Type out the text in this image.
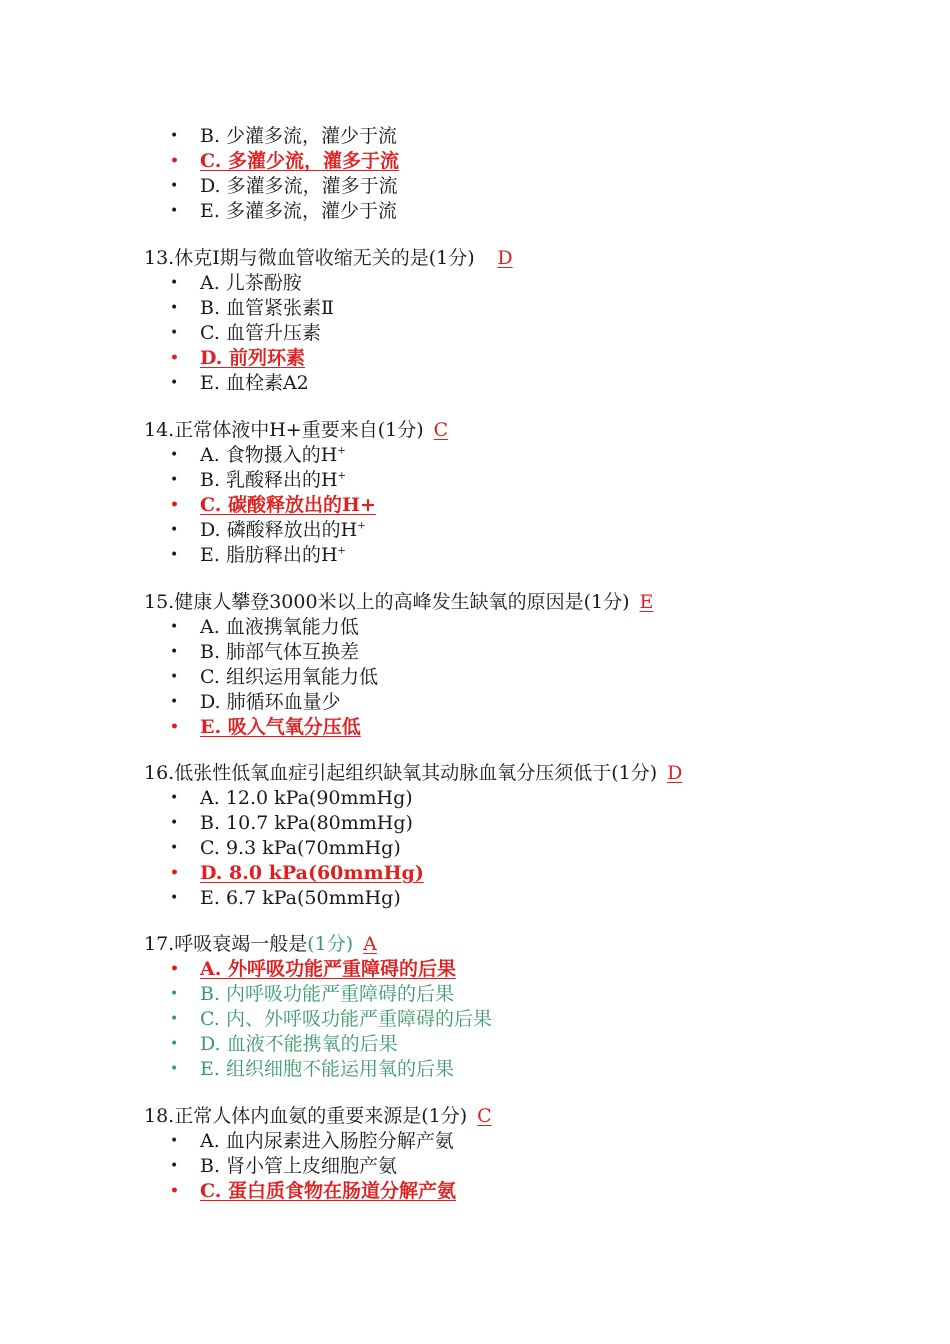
•	B. 少灌多流，灌少于流
•	C. 多灌少流，灌多于流
•	D. 多灌多流，灌多于流
•	E. 多灌多流，灌少于流
13.休克Ⅰ期与微血管收缩无关的是(1分) D
•	A. 儿茶酚胺
•	B. 血管紧张素Ⅱ
•	C. 血管升压素
•	D. 前列环素
•	E. 血栓素A2
14.正常体液中H+重要来自(1分) C
•	A. 食物摄入的H+
•	B. 乳酸释出的H+
•	C. 碳酸释放出的H+
•	D. 磷酸释放出的H+
•	E. 脂肪释出的H+
15.健康人攀登3000米以上的高峰发生缺氧的原因是(1分) E
•	A. 血液携氧能力低
•	B. 肺部气体互换差
•	C. 组织运用氧能力低
•	D. 肺循环血量少
•	E. 吸入气氧分压低
16.低张性低氧血症引起组织缺氧其动脉血氧分压须低于(1分) D
•	A. 12.0 kPa(90mmHg)
•	B. 10.7 kPa(80mmHg)
•	C. 9.3 kPa(70mmHg)
•	D. 8.0 kPa(60mmHg)
•	E. 6.7 kPa(50mmHg)
17.呼吸衰竭一般是(1分) A
•	A. 外呼吸功能严重障碍的后果
•	B. 内呼吸功能严重障碍的后果
•	C. 内、外呼吸功能严重障碍的后果
•	D. 血液不能携氧的后果
•	E. 组织细胞不能运用氧的后果
18.正常人体内血氨的重要来源是(1分) C
•	A. 血内尿素进入肠腔分解产氨
•	B. 肾小管上皮细胞产氨
•	C. 蛋白质食物在肠道分解产氨
